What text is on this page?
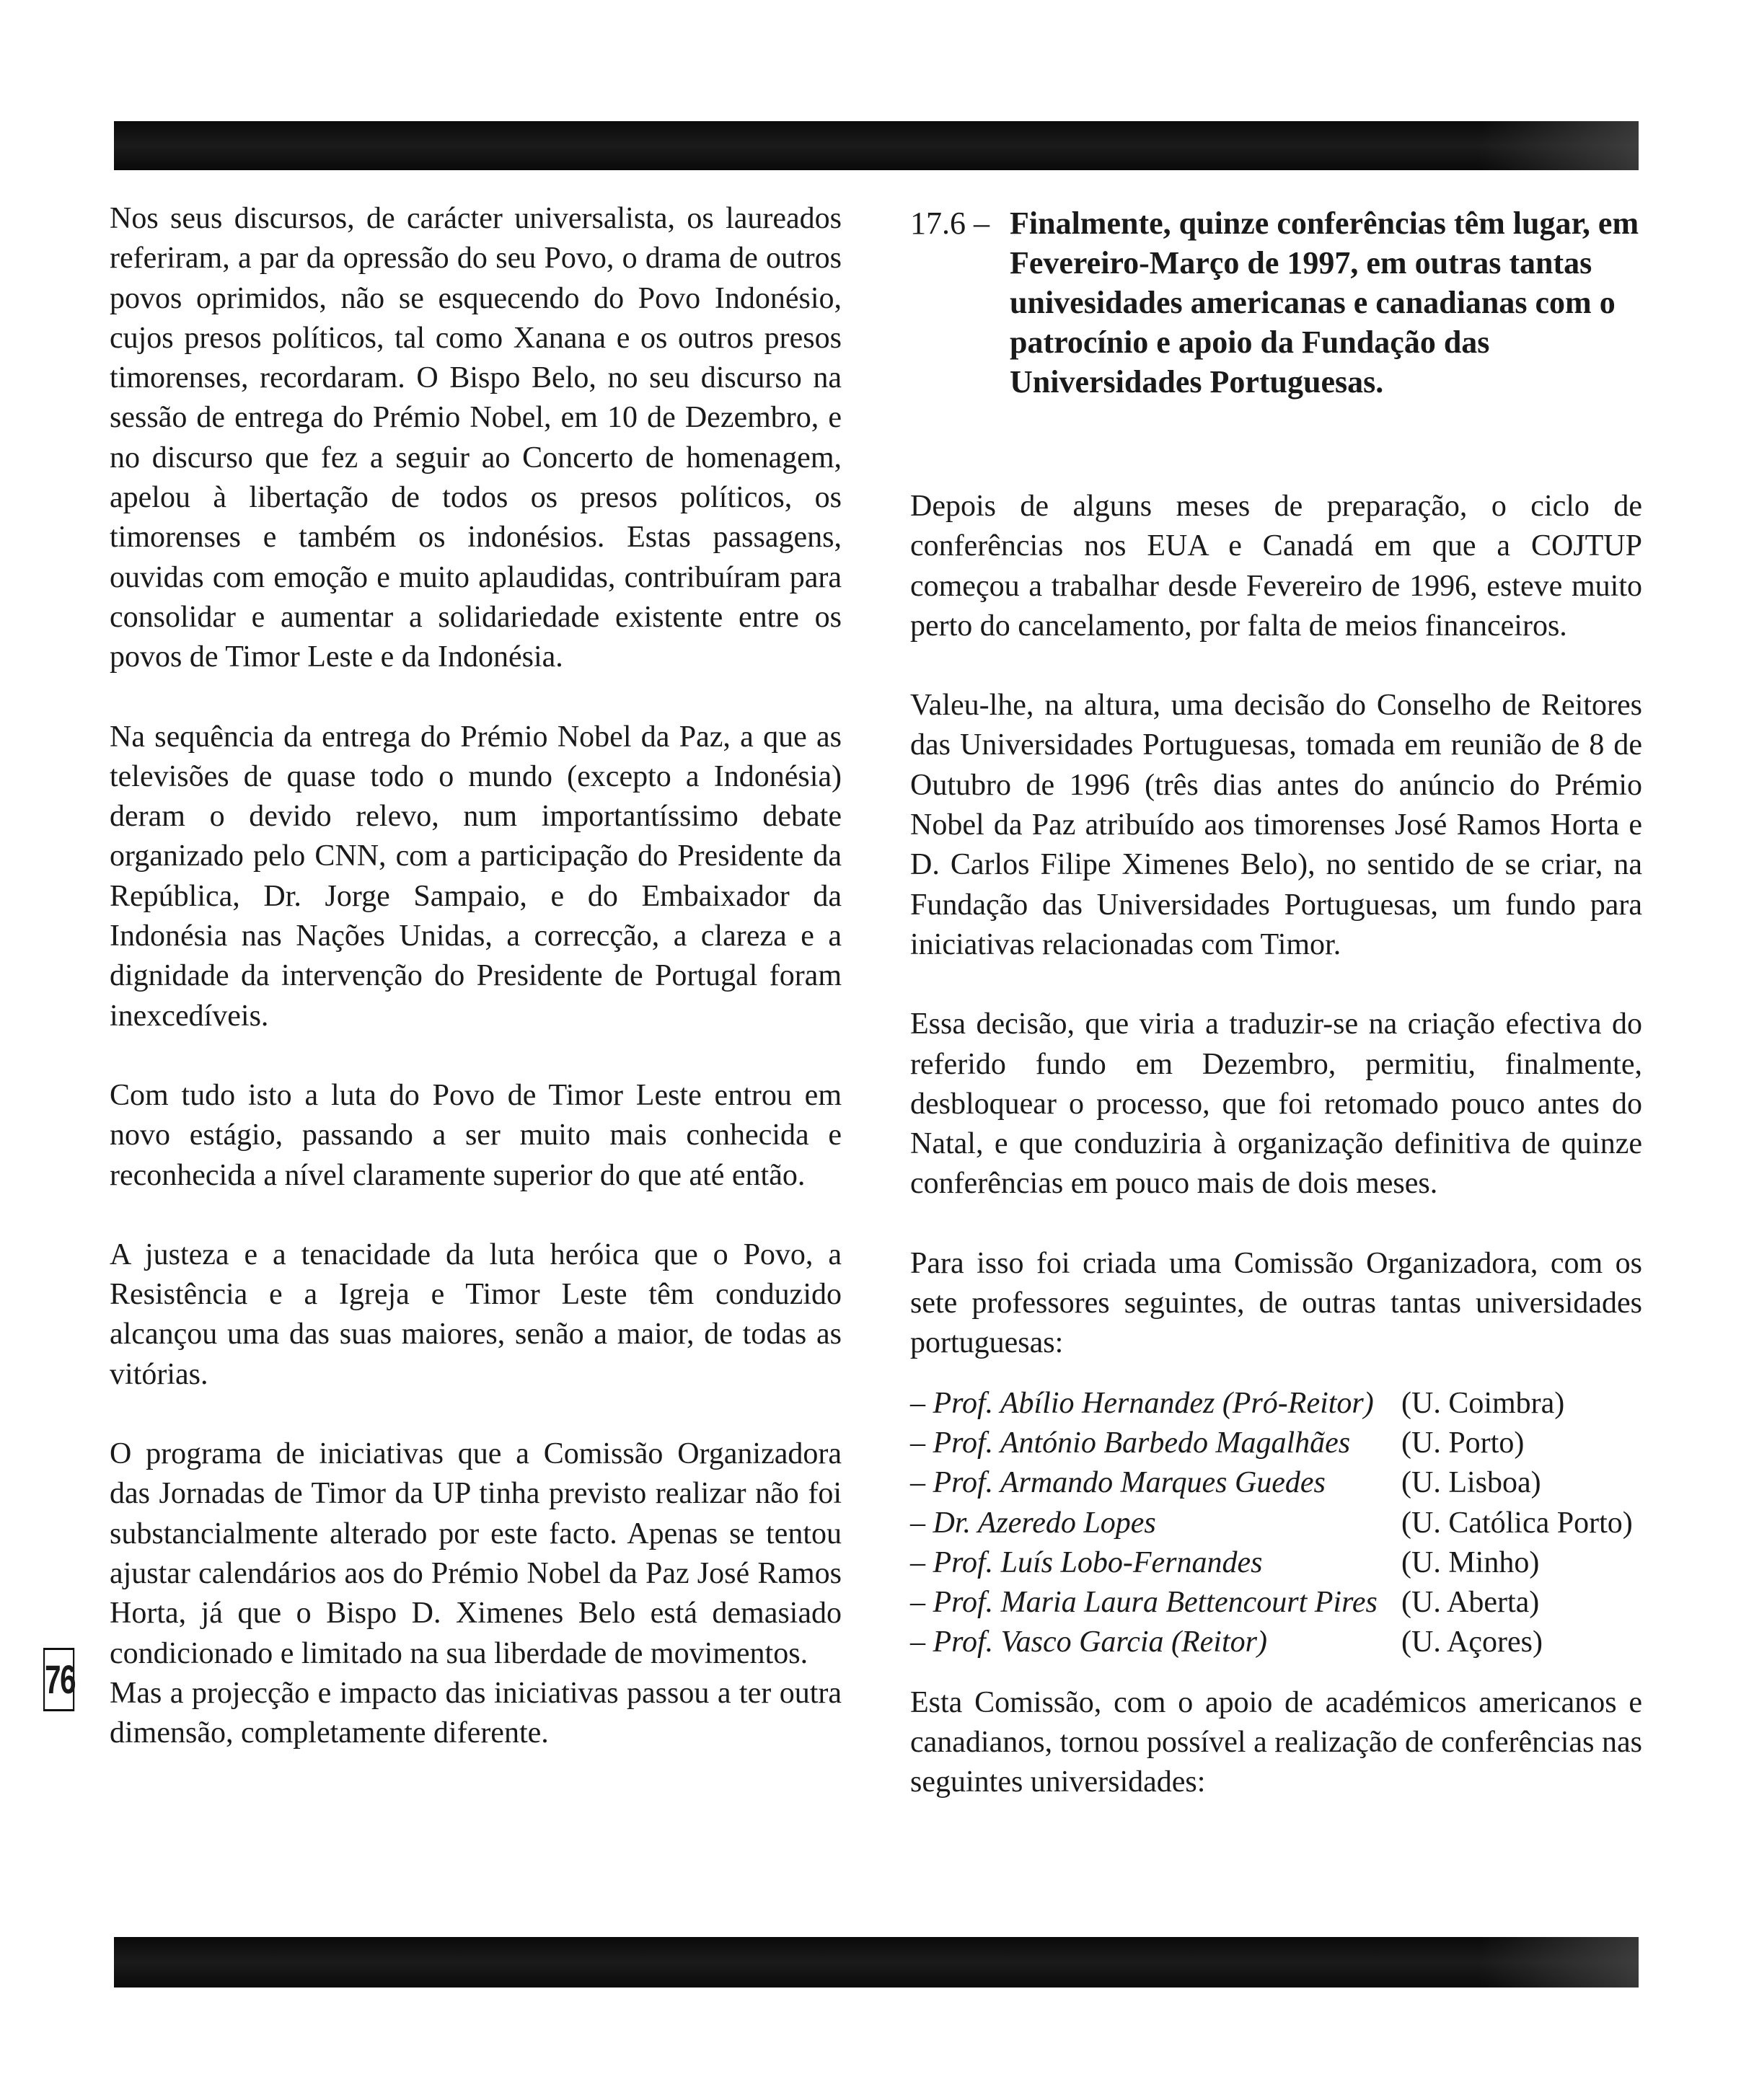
Nos seus discursos, de carácter universalista, os laureados referiram, a par da opressão do seu Povo, o drama de outros povos oprimidos, não se esquecendo do Povo Indonésio, cujos presos políticos, tal como Xanana e os outros presos timorenses, recordaram. O Bispo Belo, no seu discurso na sessão de entrega do Prémio Nobel, em 10 de Dezembro, e no discurso que fez a seguir ao Concerto de homenagem, apelou à libertação de todos os presos políticos, os timorenses e também os indonésios. Estas passagens, ouvidas com emoção e muito aplaudidas, contribuíram para consolidar e aumentar a solidariedade existente entre os povos de Timor Leste e da Indonésia.

Na sequência da entrega do Prémio Nobel da Paz, a que as televisões de quase todo o mundo (excepto a Indonésia) deram o devido relevo, num importantíssimo debate organizado pelo CNN, com a participação do Presidente da República, Dr. Jorge Sampaio, e do Embaixador da Indonésia nas Nações Unidas, a correcção, a clareza e a dignidade da intervenção do Presidente de Portugal foram inexcedíveis.

Com tudo isto a luta do Povo de Timor Leste entrou em novo estágio, passando a ser muito mais conhecida e reconhecida a nível claramente superior do que até então.

A justeza e a tenacidade da luta heróica que o Povo, a Resistência e a Igreja e Timor Leste têm conduzido alcançou uma das suas maiores, senão a maior, de todas as vitórias.

O programa de iniciativas que a Comissão Organizadora das Jornadas de Timor da UP tinha previsto realizar não foi substancialmente alterado por este facto. Apenas se tentou ajustar calendários aos do Prémio Nobel da Paz José Ramos Horta, já que o Bispo D. Ximenes Belo está demasiado condicionado e limitado na sua liberdade de movimentos.

Mas a projecção e impacto das iniciativas passou a ter outra dimensão, completamente diferente.

17.6 – Finalmente, quinze conferências têm lugar, em Fevereiro-Março de 1997, em outras tantas univesidades americanas e canadianas com o patrocínio e apoio da Fundação das Universidades Portuguesas.

Depois de alguns meses de preparação, o ciclo de conferências nos EUA e Canadá em que a COJTUP começou a trabalhar desde Fevereiro de 1996, esteve muito perto do cancelamento, por falta de meios financeiros.

Valeu-lhe, na altura, uma decisão do Conselho de Reitores das Universidades Portuguesas, tomada em reunião de 8 de Outubro de 1996 (três dias antes do anúncio do Prémio Nobel da Paz atribuído aos timorenses José Ramos Horta e D. Carlos Filipe Ximenes Belo), no sentido de se criar, na Fundação das Universidades Portuguesas, um fundo para iniciativas relacionadas com Timor.

Essa decisão, que viria a traduzir-se na criação efectiva do referido fundo em Dezembro, permitiu, finalmente, desbloquear o processo, que foi retomado pouco antes do Natal, e que conduziria à organização definitiva de quinze conferências em pouco mais de dois meses.

Para isso foi criada uma Comissão Organizadora, com os sete professores seguintes, de outras tantas universidades portuguesas:

– Prof. Abílio Hernandez (Pró-Reitor) (U. Coimbra)
– Prof. António Barbedo Magalhães (U. Porto)
– Prof. Armando Marques Guedes	(U. Lisboa)
– Dr. Azeredo Lopes	(U. Católica Porto)
– Prof. Luís Lobo-Fernandes	(U. Minho)
– Prof. Maria Laura Bettencourt Pires (U. Aberta)
– Prof. Vasco Garcia (Reitor)	(U. Açores)

Esta Comissão, com o apoio de académicos americanos e canadianos, tornou possível a realização de conferências nas seguintes universidades:

76
